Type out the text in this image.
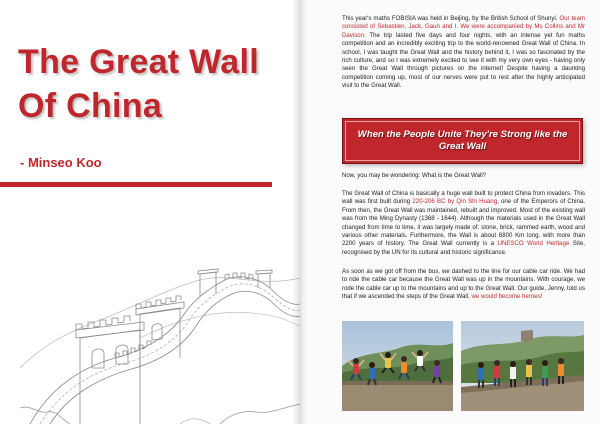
The Great Wall
Of China
- Minseo Koo

This year's maths FOBISIA was held in Beijing, by the British School of Shunyi. Our team consisted of Sebastien, Jack, Gaun and I. We were accompanied by Ms Collins and Mr Davison. The trip lasted five days and four nights, with an intense yet fun maths competition and an incredibly exciting trip to the world-renowned Great Wall of China. In school, I was taught the Great Wall and the history behind it, I was so fascinated by the rich culture, and so I was extremely excited to see it with my very own eyes - having only seen the Great Wall through pictures on the internet! Despite having a daunting competition coming up, most of our nerves were put to rest after the highly anticipated visit to the Great Wall.

When the People Unite They're Strong like the Great Wall

Now, you may be wondering: What is the Great Wall?

The Great Wall of China is basically a huge wall built to protect China from invaders. This wall was first built during 220-206 BC by Qin Shi Huang, one of the Emperors of China. From then, the Great Wall was maintained, rebuilt and improved. Most of the existing wall was from the Ming Dynasty (1368 - 1644). Although the materials used in the Great Wall changed from time to time, it was largely made of: stone, brick, rammed earth, wood and various other materials. Furthermore, the Wall is about 8800 Km long, with more than 2200 years of history. The Great Wall currently is a UNESCO World Heritage Site, recognised by the UN for its cultural and historic significance.

As soon as we got off from the bus, we dashed to the line for our cable car ride. We had to ride the cable car because the Great Wall was up in the mountains. With courage, we rode the cable car up to the mountains and up to the Great Wall. Our guide, Jenny, told us that if we ascended the steps of the Great Wall, we would become heroes!
